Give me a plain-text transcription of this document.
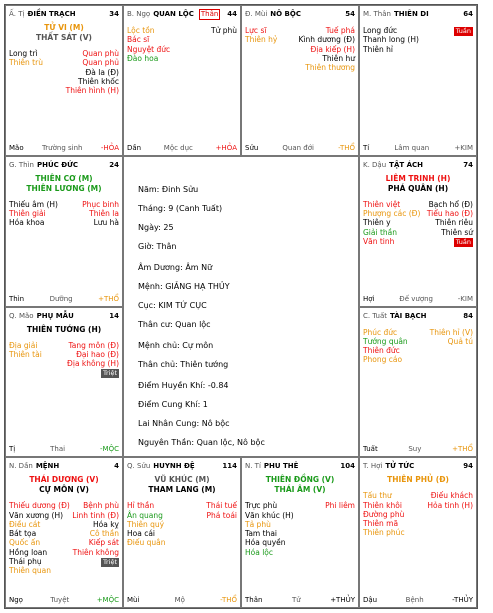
Năm: Đinh Sửu
Tháng: 9 (Canh Tuất)
Ngày: 25
Giờ: Thân
Âm Dương: Âm Nữ
Mệnh: GIẢNG HẠ THỦY
Cục: KIM TỨ CỤC
Thân cư: Quan lộc
Mệnh chủ: Cự môn
Thân chủ: Thiên tướng
Điểm Huyền Khí: -0.84
Điểm Cung Khí: 1
Lai Nhân Cung: Nô bộc
Nguyên Thần: Quan lộc, Nô bộc
Ấ. Tị ĐIỀN TRẠCH	34
TỬ VI (M)
THẤT SÁT (V)
Long trì
Thiên trù
Quan phù
Quan phủ
Đà la (Đ)
Thiên khốc
Thiên hình (H)
Mão	Trường sinh	-HỎA
B. Ngọ QUAN LỘC Thân 44
Lộc tồn
Bác sĩ
Nguyệt đức
Đào hoa
Tử phù
Dần	Mộc dục	+HỎA
Đ. Mùi NÔ BỘC	54
Lực sĩ
Thiên hỷ
Tuế phá
Kình dương (Đ)
Địa kiếp (H)
Thiên hư
Thiên thương
Sửu	Quan đới	-THỔ
M. Thân THIÊN DI	64
Long đức
Thanh long (H)
Thiên hỉ
Tuần
Tí	Lâm quan	+KIM
K. Dậu TẬT ÁCH	74
LIÊM TRINH (H)
PHÁ QUÂN (H)
Thiên việt
Phượng các (Đ)
Thiên y
Giải thần
Văn tinh
Bạch hổ (Đ)
Tiểu hao (Đ)
Thiên riêu
Thiên sứ
Tuần
Hợi	Đế vượng	-KIM
C. Tuất TÀI BẠCH	84
Phúc đức
Tướng quân
Thiên đức
Phong cáo
Thiên hỉ (V)
Quả tú
Tuất	Suy	+THỔ
T. Hợi TỬ TỨC	94
THIÊN PHỦ (Đ)
Tấu thư
Thiên khôi
Đường phù
Thiên mã
Thiên phúc
Điếu khách
Hỏa tinh (H)
Dậu	Bệnh	-THỦY
N. Tí PHU THÊ	104
THIÊN ĐỒNG (V)
THÁI ÂM (V)
Trực phù
Văn khúc (H)
Tả phù
Tam thai
Hóa quyền
Hóa lộc
Phi liêm
Thân	Tử	+THỦY
Q. Sửu HUYNH ĐỆ	114
VŨ KHÚC (M)
THAM LANG (M)
Hỉ thần
Ân quang
Thiên quý
Hoa cái
Điếu quân
Thái tuế
Phá toái
Mùi	Mộ	-THỔ
N. Dần MỆNH	4
THÁI DƯƠNG (V)
CỰ MÔN (V)
Thiếu dương (Đ)
Văn xương (H)
Điều cát
Bát tọa
Quốc ấn
Hồng loan
Thái phụ
Thiên quan
Bệnh phù
Linh tinh (Đ)
Hóa kỵ
Cô thần
Kiếp sát
Thiên không
Triệt
Ngọ	Tuyệt	+MỘC
Q. Mão PHỤ MẪU	14
THIÊN TƯỚNG (H)
Địa giải
Thiên tài
Tang môn (Đ)
Đại hao (Đ)
Địa không (H)
Triệt
Tị	Thai	-MỘC
G. Thìn PHÚC ĐỨC	24
THIÊN CƠ (M)
THIÊN LƯƠNG (M)
Thiếu âm (H)
Thiên giải
Hóa khoa
Phục binh
Thiên la
Lưu hà
Thìn	Dưỡng	+THỔ
